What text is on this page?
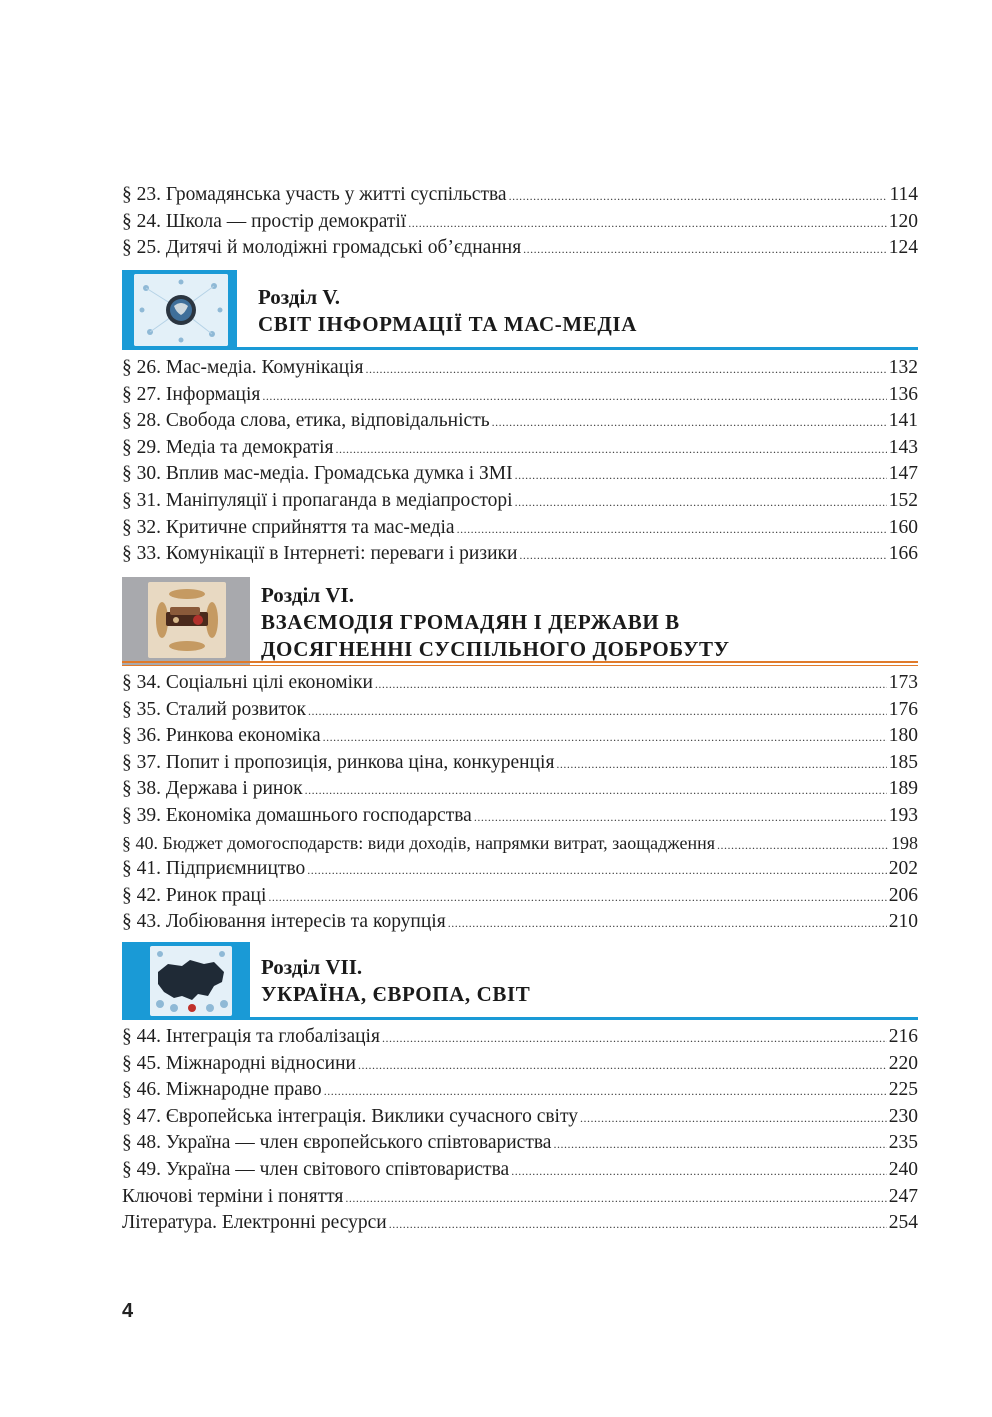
§ 23. Громадянська участь у житті суспільства .....	114
§ 24. Школа — простір демократії .....	120
§ 25. Дитячі й молодіжні громадські об’єднання .....	124
Розділ V.
СВІТ ІНФОРМАЦІЇ ТА МАС-МЕДІА
§ 26. Мас-медіа. Комунікація .....	132
§ 27. Інформація .....	136
§ 28. Свобода слова, етика, відповідальність .....	141
§ 29. Медіа та демократія .....	143
§ 30. Вплив мас-медіа. Громадська думка і ЗМІ .....	147
§ 31. Маніпуляції і пропаганда в медіапросторі .....	152
§ 32. Критичне сприйняття та мас-медіа .....	160
§ 33. Комунікації в Інтернеті: переваги і ризики .....	166
Розділ VI.
ВЗАЄМОДІЯ ГРОМАДЯН І ДЕРЖАВИ В
ДОСЯГНЕННІ СУСПІЛЬНОГО ДОБРОБУТУ
§ 34. Соціальні цілі економіки .....	173
§ 35. Сталий розвиток .....	176
§ 36. Ринкова економіка .....	180
§ 37. Попит і пропозиція, ринкова ціна, конкуренція .....	185
§ 38. Держава і ринок .....	189
§ 39. Економіка домашнього господарства .....	193
§ 40. Бюджет домогосподарств: види доходів, напрямки витрат, заощадження .....	198
§ 41. Підприємництво .....	202
§ 42. Ринок праці .....	206
§ 43. Лобіювання інтересів та корупція .....	210
Розділ VII.
УКРАЇНА, ЄВРОПА, СВІТ
§ 44. Інтеграція та глобалізація .....	216
§ 45. Міжнародні відносини .....	220
§ 46. Міжнародне право .....	225
§ 47. Європейська інтеграція. Виклики сучасного світу .....	230
§ 48. Україна — член європейського співтовариства .....	235
§ 49. Україна — член світового співтовариства .....	240
Ключові терміни і поняття .....	247
Література. Електронні ресурси .....	254
4
